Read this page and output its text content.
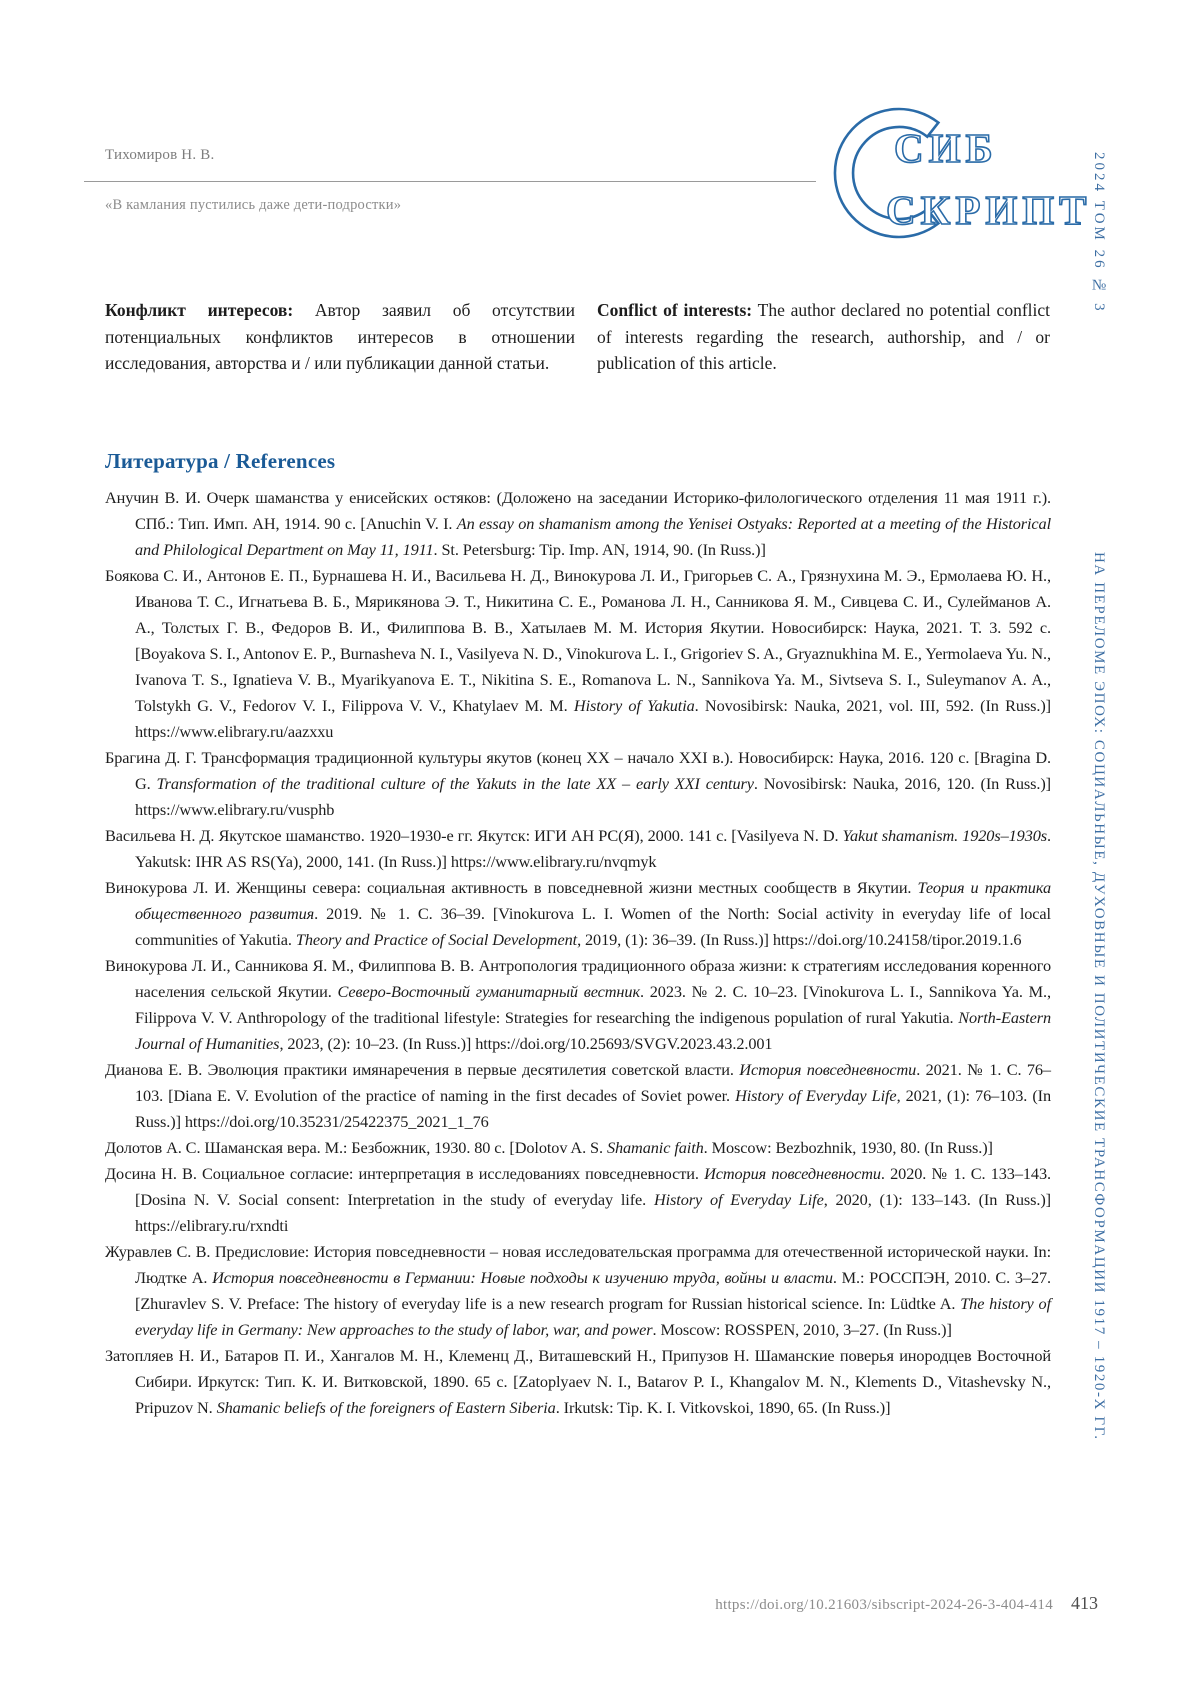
Тихомиров Н. В.
«В камлания пустились даже дети-подростки»
СИБ
СКРИПТ 2024 ТОМ 26 № 3
НА ПЕРЕЛОМЕ ЭПОХ: СОЦИАЛЬНЫЕ, ДУХОВНЫЕ И ПОЛИТИЧЕСКИЕ ТРАНСФОРМАЦИИ 1917 – 1920-Х ГГ.

Конфликт интересов: Автор заявил об отсутствии потенциальных конфликтов интересов в отношении исследования, авторства и / или публикации данной статьи.

Conflict of interests: The author declared no potential conflict of interests regarding the research, authorship, and / or publication of this article.

Литература / References

Анучин В. И. Очерк шаманства у енисейских остяков: (Доложено на заседании Историко-филологического отделения 11 мая 1911 г.). СПб.: Тип. Имп. АН, 1914. 90 с. [Anuchin V. I. An essay on shamanism among the Yenisei Ostyaks: Reported at a meeting of the Historical and Philological Department on May 11, 1911. St. Petersburg: Tip. Imp. AN, 1914, 90. (In Russ.)]

Боякова С. И., Антонов Е. П., Бурнашева Н. И., Васильева Н. Д., Винокурова Л. И., Григорьев С. А., Грязнухина М. Э., Ермолаева Ю. Н., Иванова Т. С., Игнатьева В. Б., Мярикянова Э. Т., Никитина С. Е., Романова Л. Н., Санникова Я. М., Сивцева С. И., Сулейманов А. А., Толстых Г. В., Федоров В. И., Филиппова В. В., Хатылаев М. М. История Якутии. Новосибирск: Наука, 2021. Т. 3. 592 с. [Boyakova S. I., Antonov E. P., Burnasheva N. I., Vasilyeva N. D., Vinokurova L. I., Grigoriev S. A., Gryaznukhina M. E., Yermolaeva Yu. N., Ivanova T. S., Ignatieva V. B., Myarikyanova E. T., Nikitina S. E., Romanova L. N., Sannikova Ya. M., Sivtseva S. I., Suleymanov A. A., Tolstykh G. V., Fedorov V. I., Filippova V. V., Khatylaev M. M. History of Yakutia. Novosibirsk: Nauka, 2021, vol. III, 592. (In Russ.)] https://www.elibrary.ru/aazxxu

Брагина Д. Г. Трансформация традиционной культуры якутов (конец XX – начало XXI в.). Новосибирск: Наука, 2016. 120 с. [Bragina D. G. Transformation of the traditional culture of the Yakuts in the late XX – early XXI century. Novosibirsk: Nauka, 2016, 120. (In Russ.)] https://www.elibrary.ru/vusphb

Васильева Н. Д. Якутское шаманство. 1920–1930-е гг. Якутск: ИГИ АН РС(Я), 2000. 141 с. [Vasilyeva N. D. Yakut shamanism. 1920s–1930s. Yakutsk: IHR AS RS(Ya), 2000, 141. (In Russ.)] https://www.elibrary.ru/nvqmyk

Винокурова Л. И. Женщины севера: социальная активность в повседневной жизни местных сообществ в Якутии. Теория и практика общественного развития. 2019. № 1. С. 36–39. [Vinokurova L. I. Women of the North: Social activity in everyday life of local communities of Yakutia. Theory and Practice of Social Development, 2019, (1): 36–39. (In Russ.)] https://doi.org/10.24158/tipor.2019.1.6

Винокурова Л. И., Санникова Я. М., Филиппова В. В. Антропология традиционного образа жизни: к стратегиям исследования коренного населения сельской Якутии. Северо-Восточный гуманитарный вестник. 2023. № 2. С. 10–23. [Vinokurova L. I., Sannikova Ya. M., Filippova V. V. Anthropology of the traditional lifestyle: Strategies for researching the indigenous population of rural Yakutia. North-Eastern Journal of Humanities, 2023, (2): 10–23. (In Russ.)] https://doi.org/10.25693/SVGV.2023.43.2.001

Дианова Е. В. Эволюция практики имянаречения в первые десятилетия советской власти. История повседневности. 2021. № 1. С. 76–103. [Diana E. V. Evolution of the practice of naming in the first decades of Soviet power. History of Everyday Life, 2021, (1): 76–103. (In Russ.)] https://doi.org/10.35231/25422375_2021_1_76

Долотов А. С. Шаманская вера. М.: Безбожник, 1930. 80 с. [Dolotov A. S. Shamanic faith. Moscow: Bezbozhnik, 1930, 80. (In Russ.)]

Досина Н. В. Социальное согласие: интерпретация в исследованиях повседневности. История повседневности. 2020. № 1. С. 133–143. [Dosina N. V. Social consent: Interpretation in the study of everyday life. History of Everyday Life, 2020, (1): 133–143. (In Russ.)] https://elibrary.ru/rxndti

Журавлев С. В. Предисловие: История повседневности – новая исследовательская программа для отечественной исторической науки. In: Людтке А. История повседневности в Германии: Новые подходы к изучению труда, войны и власти. М.: РОССПЭН, 2010. С. 3–27. [Zhuravlev S. V. Preface: The history of everyday life is a new research program for Russian historical science. In: Lüdtke A. The history of everyday life in Germany: New approaches to the study of labor, war, and power. Moscow: ROSSPEN, 2010, 3–27. (In Russ.)]

Затопляев Н. И., Батаров П. И., Хангалов М. Н., Клеменц Д., Виташевский Н., Припузов Н. Шаманские поверья инородцев Восточной Сибири. Иркутск: Тип. К. И. Витковской, 1890. 65 с. [Zatoplyaev N. I., Batarov P. I., Khangalov M. N., Klements D., Vitashevsky N., Pripuzov N. Shamanic beliefs of the foreigners of Eastern Siberia. Irkutsk: Tip. K. I. Vitkovskoi, 1890, 65. (In Russ.)]

https://doi.org/10.21603/sibscript-2024-26-3-404-414 413
